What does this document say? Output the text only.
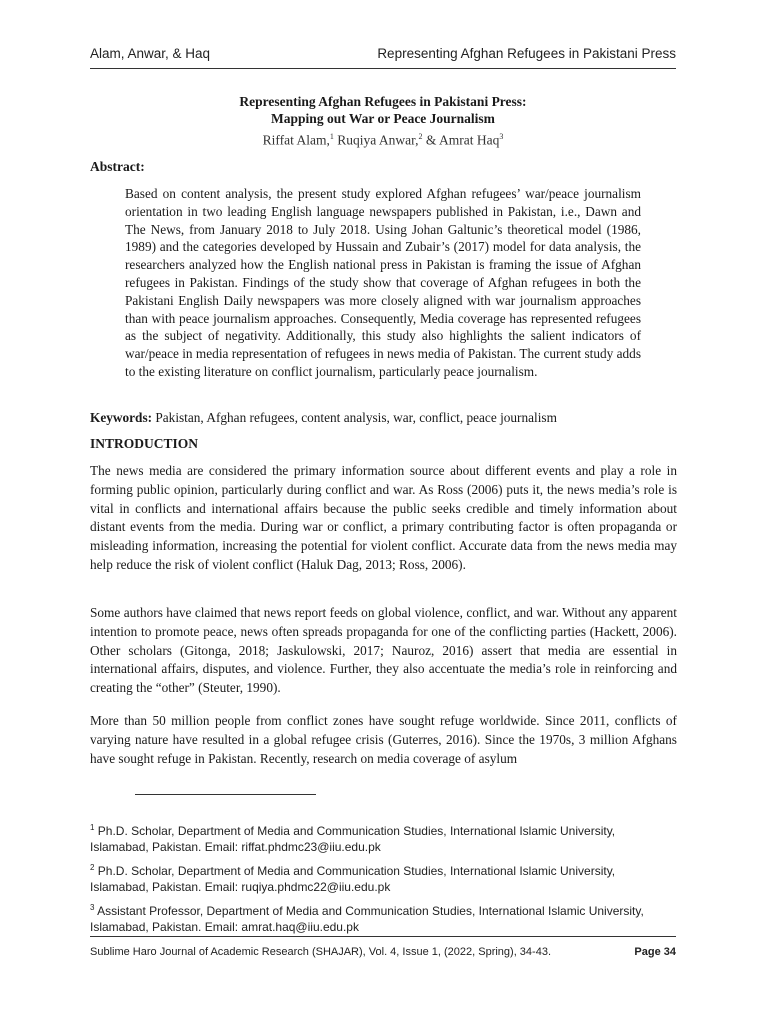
Alam, Anwar, & Haq	Representing Afghan Refugees in Pakistani Press
Representing Afghan Refugees in Pakistani Press:
Mapping out War or Peace Journalism
Riffat Alam,$^1$ Ruqiya Anwar,$^2$ & Amrat Haq$^3$
Abstract:
Based on content analysis, the present study explored Afghan refugees’ war/peace journalism orientation in two leading English language newspapers published in Pakistan, i.e., Dawn and The News, from January 2018 to July 2018. Using Johan Galtunic’s theoretical model (1986, 1989) and the categories developed by Hussain and Zubair’s (2017) model for data analysis, the researchers analyzed how the English national press in Pakistan is framing the issue of Afghan refugees in Pakistan. Findings of the study show that coverage of Afghan refugees in both the Pakistani English Daily newspapers was more closely aligned with war journalism approaches than with peace journalism approaches. Consequently, Media coverage has represented refugees as the subject of negativity. Additionally, this study also highlights the salient indicators of war/peace in media representation of refugees in news media of Pakistan. The current study adds to the existing literature on conflict journalism, particularly peace journalism.
Keywords: Pakistan, Afghan refugees, content analysis, war, conflict, peace journalism
INTRODUCTION
The news media are considered the primary information source about different events and play a role in forming public opinion, particularly during conflict and war. As Ross (2006) puts it, the news media’s role is vital in conflicts and international affairs because the public seeks credible and timely information about distant events from the media. During war or conflict, a primary contributing factor is often propaganda or misleading information, increasing the potential for violent conflict. Accurate data from the news media may help reduce the risk of violent conflict (Haluk Dag, 2013; Ross, 2006).
Some authors have claimed that news report feeds on global violence, conflict, and war. Without any apparent intention to promote peace, news often spreads propaganda for one of the conflicting parties (Hackett, 2006). Other scholars (Gitonga, 2018; Jaskulowski, 2017; Nauroz, 2016) assert that media are essential in international affairs, disputes, and violence. Further, they also accentuate the media’s role in reinforcing and creating the “other” (Steuter, 1990).
More than 50 million people from conflict zones have sought refuge worldwide. Since 2011, conflicts of varying nature have resulted in a global refugee crisis (Guterres, 2016). Since the 1970s, 3 million Afghans have sought refuge in Pakistan. Recently, research on media coverage of asylum
$^1$ Ph.D. Scholar, Department of Media and Communication Studies, International Islamic University, Islamabad, Pakistan. Email: riffat.phdmc23@iiu.edu.pk
$^2$ Ph.D. Scholar, Department of Media and Communication Studies, International Islamic University, Islamabad, Pakistan. Email: ruqiya.phdmc22@iiu.edu.pk
$^3$ Assistant Professor, Department of Media and Communication Studies, International Islamic University, Islamabad, Pakistan. Email: amrat.haq@iiu.edu.pk
Sublime Haro Journal of Academic Research (SHAJAR), Vol. 4, Issue 1, (2022, Spring), 34-43.	Page 34
